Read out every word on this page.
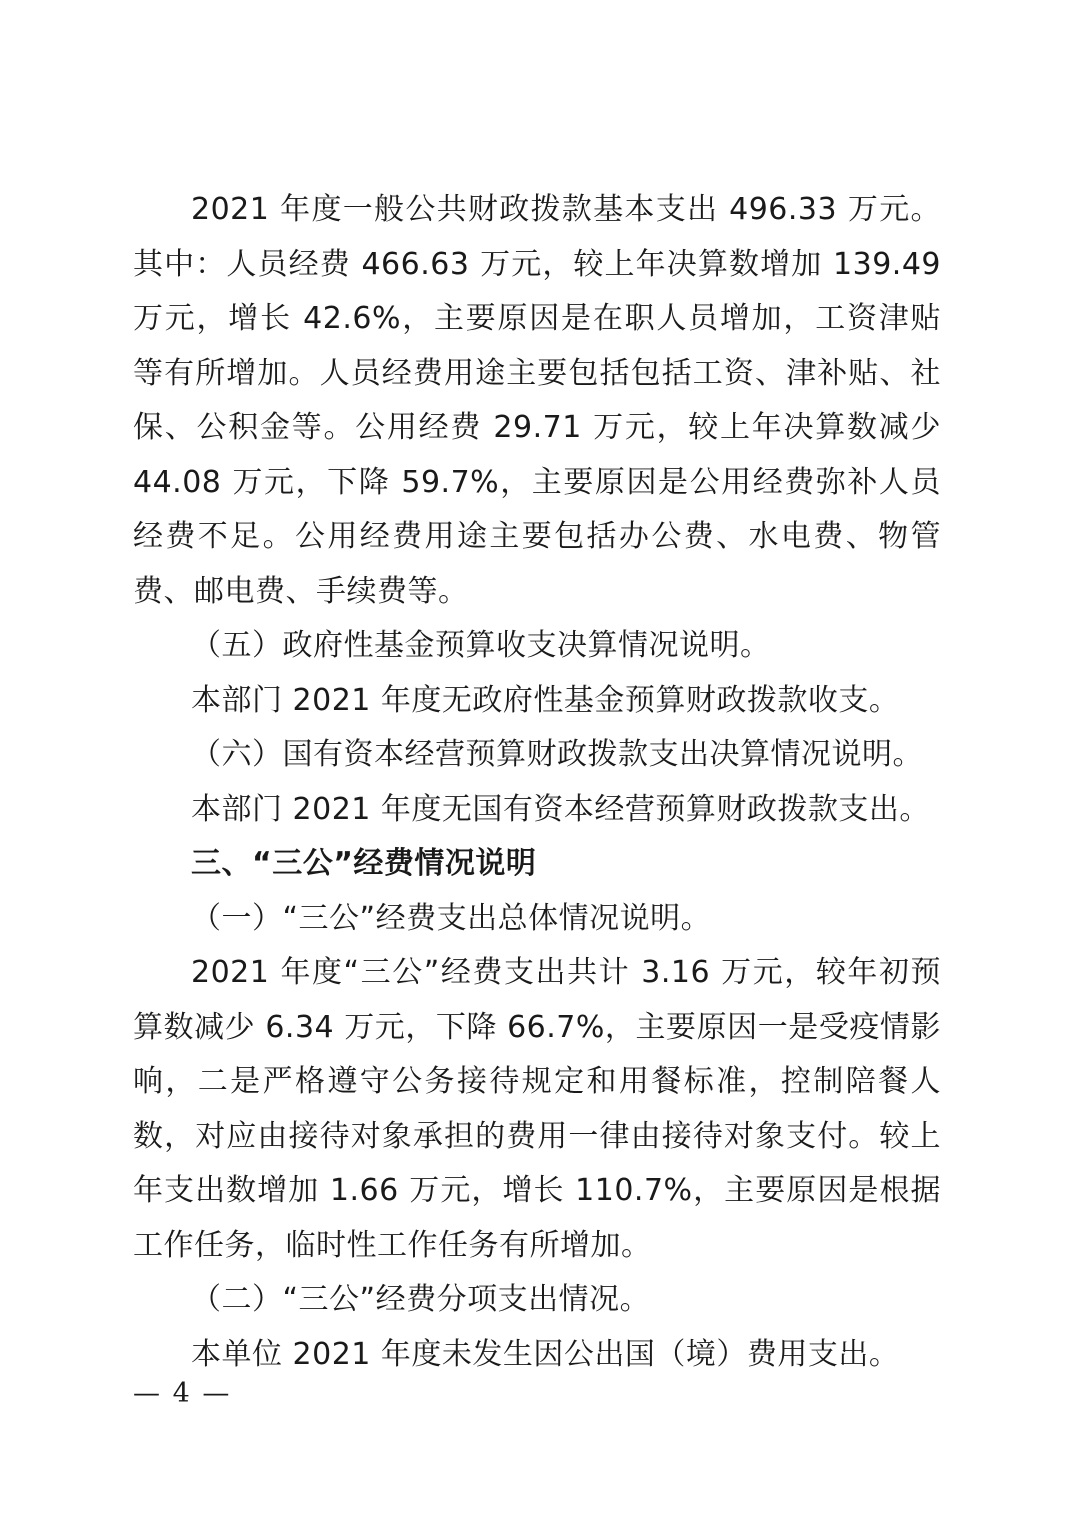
2021 年度一般公共财政拨款基本支出 496.33 万元。其中：人员经费 466.63 万元，较上年决算数增加 139.49 万元，增长 42.6%，主要原因是在职人员增加，工资津贴等有所增加。人员经费用途主要包括包括工资、津补贴、社保、公积金等。公用经费 29.71 万元，较上年决算数减少 44.08 万元，下降 59.7%，主要原因是公用经费弥补人员经费不足。公用经费用途主要包括办公费、水电费、物管费、邮电费、手续费等。

（五）政府性基金预算收支决算情况说明。

本部门 2021 年度无政府性基金预算财政拨款收支。

（六）国有资本经营预算财政拨款支出决算情况说明。

本部门 2021 年度无国有资本经营预算财政拨款支出。

三、“三公”经费情况说明

（一）“三公”经费支出总体情况说明。

2021 年度“三公”经费支出共计 3.16 万元，较年初预算数减少 6.34 万元，下降 66.7%，主要原因一是受疫情影响，二是严格遵守公务接待规定和用餐标准，控制陪餐人数，对应由接待对象承担的费用一律由接待对象支付。较上年支出数增加 1.66 万元，增长 110.7%，主要原因是根据工作任务，临时性工作任务有所增加。

（二）“三公”经费分项支出情况。

本单位 2021 年度未发生因公出国（境）费用支出。

— 4 —
